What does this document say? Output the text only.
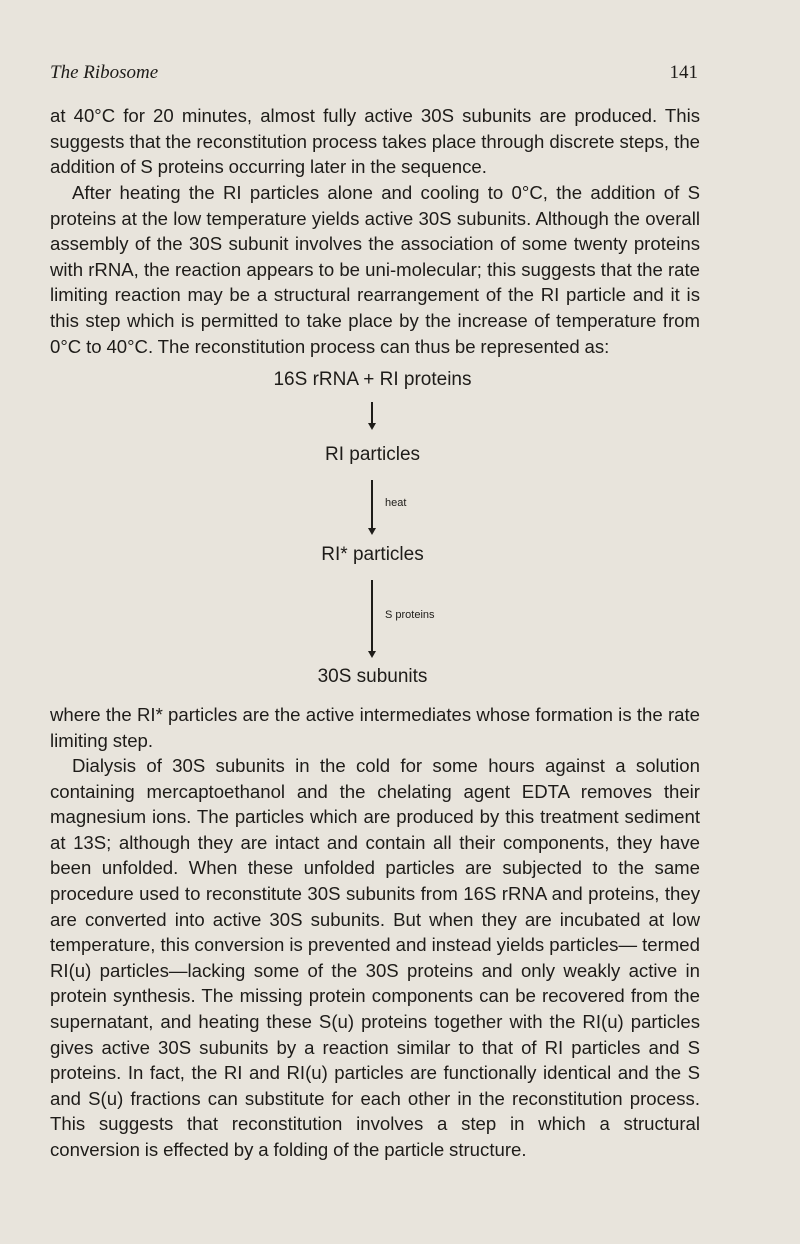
The Ribosome	141

at 40°C for 20 minutes, almost fully active 30S subunits are produced. This suggests that the reconstitution process takes place through discrete steps, the addition of S proteins occurring later in the sequence.

After heating the RI particles alone and cooling to 0°C, the addition of S proteins at the low temperature yields active 30S subunits. Although the overall assembly of the 30S subunit involves the association of some twenty proteins with rRNA, the reaction appears to be uni-molecular; this suggests that the rate limiting reaction may be a structural rearrangement of the RI particle and it is this step which is permitted to take place by the increase of temperature from 0°C to 40°C. The reconstitution process can thus be represented as:

16S rRNA + RI proteins
RI particles
heat
RI* particles
S proteins
30S subunits

where the RI* particles are the active intermediates whose formation is the rate limiting step.

Dialysis of 30S subunits in the cold for some hours against a solution containing mercaptoethanol and the chelating agent EDTA removes their magnesium ions. The particles which are produced by this treatment sediment at 13S; although they are intact and contain all their components, they have been unfolded. When these unfolded particles are subjected to the same procedure used to reconstitute 30S subunits from 16S rRNA and proteins, they are converted into active 30S subunits. But when they are incubated at low temperature, this conversion is prevented and instead yields particles— termed RI(u) particles—lacking some of the 30S proteins and only weakly active in protein synthesis. The missing protein components can be recovered from the supernatant, and heating these S(u) proteins together with the RI(u) particles gives active 30S subunits by a reaction similar to that of RI particles and S proteins. In fact, the RI and RI(u) particles are functionally identical and the S and S(u) fractions can substitute for each other in the reconstitution process. This suggests that reconstitution involves a step in which a structural conversion is effected by a folding of the particle structure.
